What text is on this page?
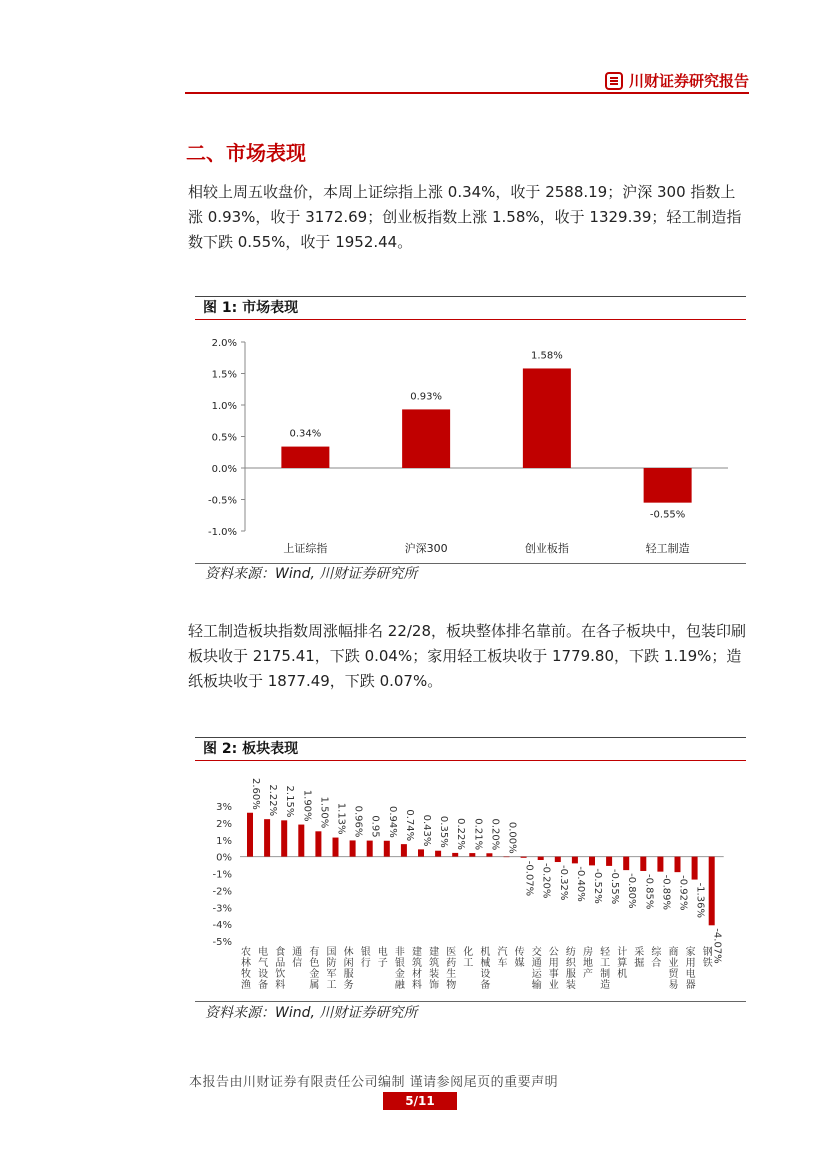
川财证券研究报告
二、市场表现
相较上周五收盘价，本周上证综指上涨 0.34%，收于 2588.19；沪深 300 指数上涨 0.93%，收于 3172.69；创业板指数上涨 1.58%，收于 1329.39；轻工制造指数下跌 0.55%，收于 1952.44。
图 1: 市场表现
2.0%
1.5%
1.0%
0.5%
0.0%
-0.5%
-1.0%
0.34%
上证综指
0.93%
沪深300
1.58%
创业板指
-0.55%
轻工制造
资料来源：Wind, 川财证券研究所
轻工制造板块指数周涨幅排名 22/28，板块整体排名靠前。在各子板块中，包装印刷板块收于 2175.41，下跌 0.04%；家用轻工板块收于 1779.80，下跌 1.19%；造纸板块收于 1877.49，下跌 0.07%。
图 2: 板块表现
3%
2%
1%
0%
-1%
-2%
-3%
-4%
-5%
2.60%
农林牧渔
2.22%
电气设备
2.15%
食品饮料
1.90%
通信
1.50%
有色金属
1.13%
国防军工
0.96%
休闲服务
0.95
银行
0.94%
电子
0.74%
非银金融
0.43%
建筑材料
0.35%
建筑装饰
0.22%
医药生物
0.21%
化工
0.20%
机械设备
0.00%
汽车
-0.07%
传媒
-0.20%
交通运输
-0.32%
公用事业
-0.40%
纺织服装
-0.52%
房地产
-0.55%
轻工制造
-0.80%
计算机
-0.85%
采掘
-0.89%
综合
-0.92%
商业贸易
-1.36%
家用电器
-4.07%
钢铁
资料来源：Wind, 川财证券研究所
本报告由川财证券有限责任公司编制 谨请参阅尾页的重要声明
5/11
